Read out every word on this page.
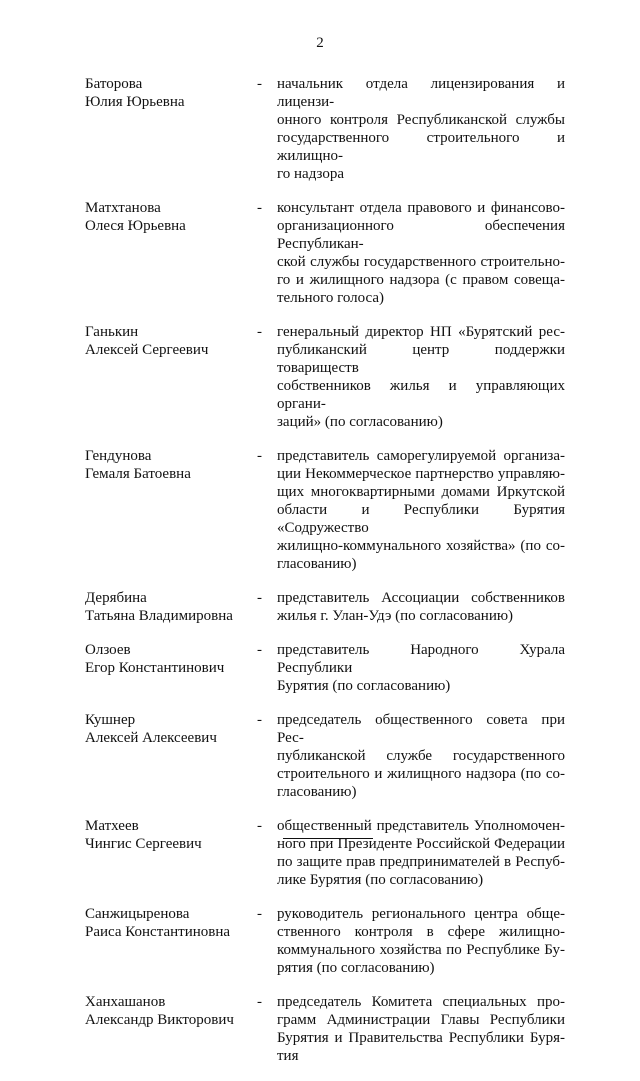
2
Баторова
Юлия Юрьевна
-	начальник отдела лицензирования и лицензи-
онного контроля Республиканской службы
государственного строительного и жилищно-
го надзора
Матхтанова
Олеся Юрьевна
-	консультант отдела правового и финансово-
организационного обеспечения Республикан-
ской службы государственного строительно-
го и жилищного надзора (с правом совеща-
тельного голоса)
Ганькин
Алексей Сергеевич
-	генеральный директор НП «Бурятский рес-
публиканский центр поддержки товариществ
собственников жилья и управляющих органи-
заций» (по согласованию)
Гендунова
Гемаля Батоевна
-	представитель саморегулируемой организа-
ции Некоммерческое партнерство управляю-
щих многоквартирными домами Иркутской
области и Республики Бурятия «Содружество
жилищно-коммунального хозяйства» (по со-
гласованию)
Дерябина
Татьяна Владимировна
-	представитель Ассоциации собственников
жилья г. Улан-Удэ (по согласованию)
Олзоев
Егор Константинович
-	представитель Народного Хурала Республики
Бурятия (по согласованию)
Кушнер
Алексей Алексеевич
-	председатель общественного совета при Рес-
публиканской службе государственного
строительного и жилищного надзора (по со-
гласованию)
Матхеев
Чингис Сергеевич
-	общественный представитель Уполномочен-
ного при Президенте Российской Федерации
по защите прав предпринимателей в Респуб-
лике Бурятия (по согласованию)
Санжицыренова
Раиса Константиновна
-	руководитель регионального центра обще-
ственного контроля в сфере жилищно-
коммунального хозяйства по Республике Бу-
рятия (по согласованию)
Ханхашанов
Александр Викторович
-	председатель Комитета специальных про-
грамм Администрации Главы Республики
Бурятия и Правительства Республики Буря-
тия
